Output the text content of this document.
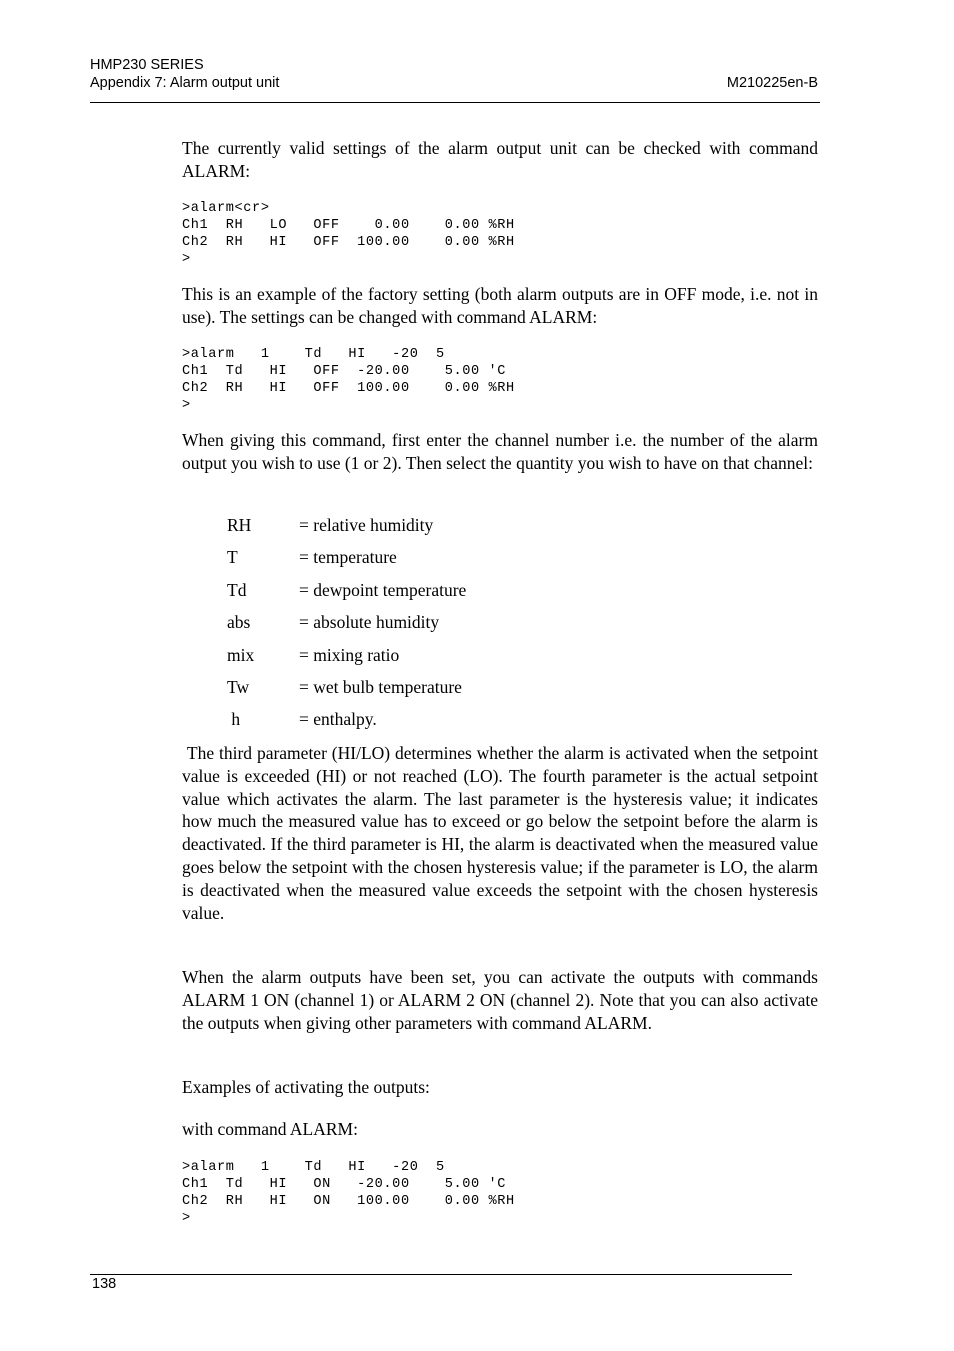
HMP230 SERIES
Appendix 7: Alarm output unit	M210225en-B

The currently valid settings of the alarm output unit can be checked with command ALARM:

>alarm<cr>
Ch1  RH   LO   OFF    0.00    0.00 %RH
Ch2  RH   HI   OFF  100.00    0.00 %RH
>

This is an example of the factory setting (both alarm outputs are in OFF mode, i.e. not in use). The settings can be changed with command ALARM:

>alarm   1    Td   HI   -20  5
Ch1  Td   HI   OFF  -20.00    5.00 'C
Ch2  RH   HI   OFF  100.00    0.00 %RH
>

When giving this command, first enter the channel number i.e. the number of the alarm output you wish to use (1 or 2). Then select the quantity you wish to have on that channel:

RH	= relative humidity
T	= temperature
Td	= dewpoint temperature
abs	= absolute humidity
mix	= mixing ratio
Tw	= wet bulb temperature
h	= enthalpy.

The third parameter (HI/LO) determines whether the alarm is activated when the setpoint value is exceeded (HI) or not reached (LO). The fourth parameter is the actual setpoint value which activates the alarm. The last parameter is the hysteresis value; it indicates how much the measured value has to exceed or go below the setpoint before the alarm is deactivated. If the third parameter is HI, the alarm is deactivated when the measured value goes below the setpoint with the chosen hysteresis value; if the parameter is LO, the alarm is deactivated when the measured value exceeds the setpoint with the chosen hysteresis value.

When the alarm outputs have been set, you can activate the outputs with commands ALARM 1 ON (channel 1) or ALARM 2 ON (channel 2). Note that you can also activate the outputs when giving other parameters with command ALARM.

Examples of activating the outputs:

with command ALARM:

>alarm   1    Td   HI   -20  5
Ch1  Td   HI   ON   -20.00    5.00 'C
Ch2  RH   HI   ON   100.00    0.00 %RH
>
138
